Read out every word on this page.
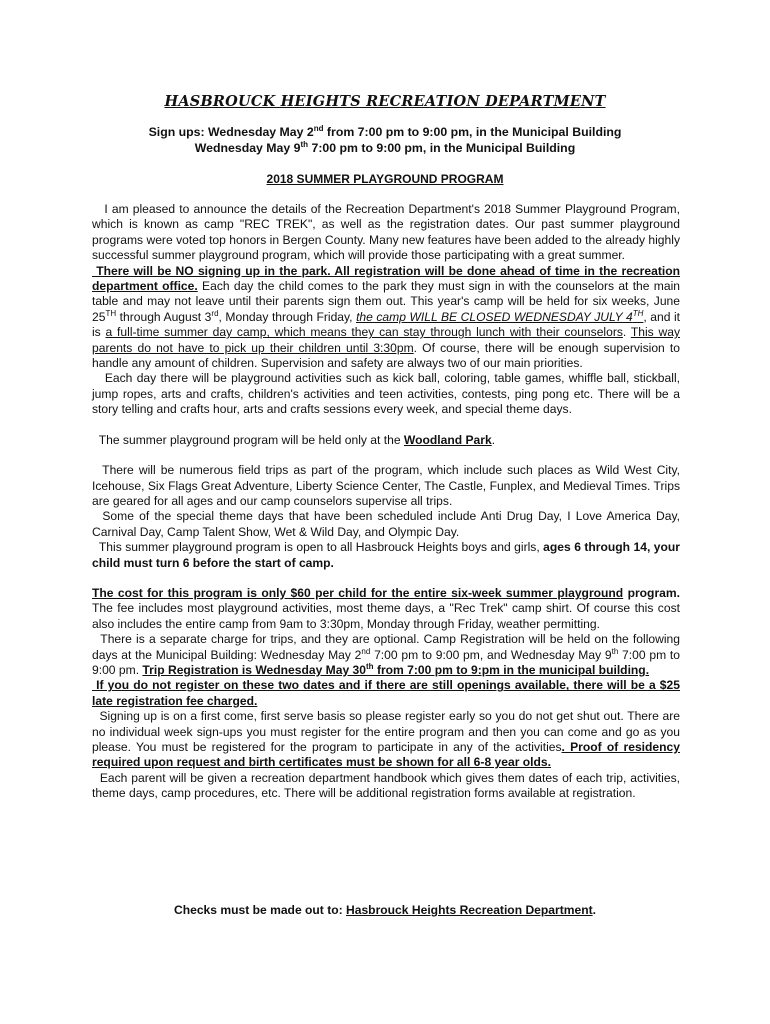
HASBROUCK HEIGHTS RECREATION DEPARTMENT
Sign ups: Wednesday May 2nd from 7:00 pm to 9:00 pm, in the Municipal Building
Wednesday May 9th 7:00 pm to 9:00 pm, in the Municipal Building
2018 SUMMER PLAYGROUND PROGRAM

I am pleased to announce the details of the Recreation Department's 2018 Summer Playground Program, which is known as camp "REC TREK", as well as the registration dates. Our past summer playground programs were voted top honors in Bergen County. Many new features have been added to the already highly successful summer playground program, which will provide those participating with a great summer.

There will be NO signing up in the park. All registration will be done ahead of time in the recreation department office. Each day the child comes to the park they must sign in with the counselors at the main table and may not leave until their parents sign them out. This year's camp will be held for six weeks, June 25TH through August 3rd, Monday through Friday, the camp WILL BE CLOSED WEDNESDAY JULY 4TH, and it is a full-time summer day camp, which means they can stay through lunch with their counselors. This way parents do not have to pick up their children until 3:30pm. Of course, there will be enough supervision to handle any amount of children. Supervision and safety are always two of our main priorities.

Each day there will be playground activities such as kick ball, coloring, table games, whiffle ball, stickball, jump ropes, arts and crafts, children's activities and teen activities, contests, ping pong etc. There will be a story telling and crafts hour, arts and crafts sessions every week, and special theme days.

The summer playground program will be held only at the Woodland Park.

There will be numerous field trips as part of the program, which include such places as Wild West City, Icehouse, Six Flags Great Adventure, Liberty Science Center, The Castle, Funplex, and Medieval Times. Trips are geared for all ages and our camp counselors supervise all trips.

Some of the special theme days that have been scheduled include Anti Drug Day, I Love America Day, Carnival Day, Camp Talent Show, Wet & Wild Day, and Olympic Day.

This summer playground program is open to all Hasbrouck Heights boys and girls, ages 6 through 14, your child must turn 6 before the start of camp.

The cost for this program is only $60 per child for the entire six-week summer playground program. The fee includes most playground activities, most theme days, a "Rec Trek" camp shirt. Of course this cost also includes the entire camp from 9am to 3:30pm, Monday through Friday, weather permitting.

There is a separate charge for trips, and they are optional. Camp Registration will be held on the following days at the Municipal Building: Wednesday May 2nd 7:00 pm to 9:00 pm, and Wednesday May 9th 7:00 pm to 9:00 pm. Trip Registration is Wednesday May 30th from 7:00 pm to 9:pm in the municipal building.

If you do not register on these two dates and if there are still openings available, there will be a $25 late registration fee charged.

Signing up is on a first come, first serve basis so please register early so you do not get shut out. There are no individual week sign-ups you must register for the entire program and then you can come and go as you please. You must be registered for the program to participate in any of the activities. Proof of residency required upon request and birth certificates must be shown for all 6-8 year olds.

Each parent will be given a recreation department handbook which gives them dates of each trip, activities, theme days, camp procedures, etc. There will be additional registration forms available at registration.

Checks must be made out to: Hasbrouck Heights Recreation Department.
